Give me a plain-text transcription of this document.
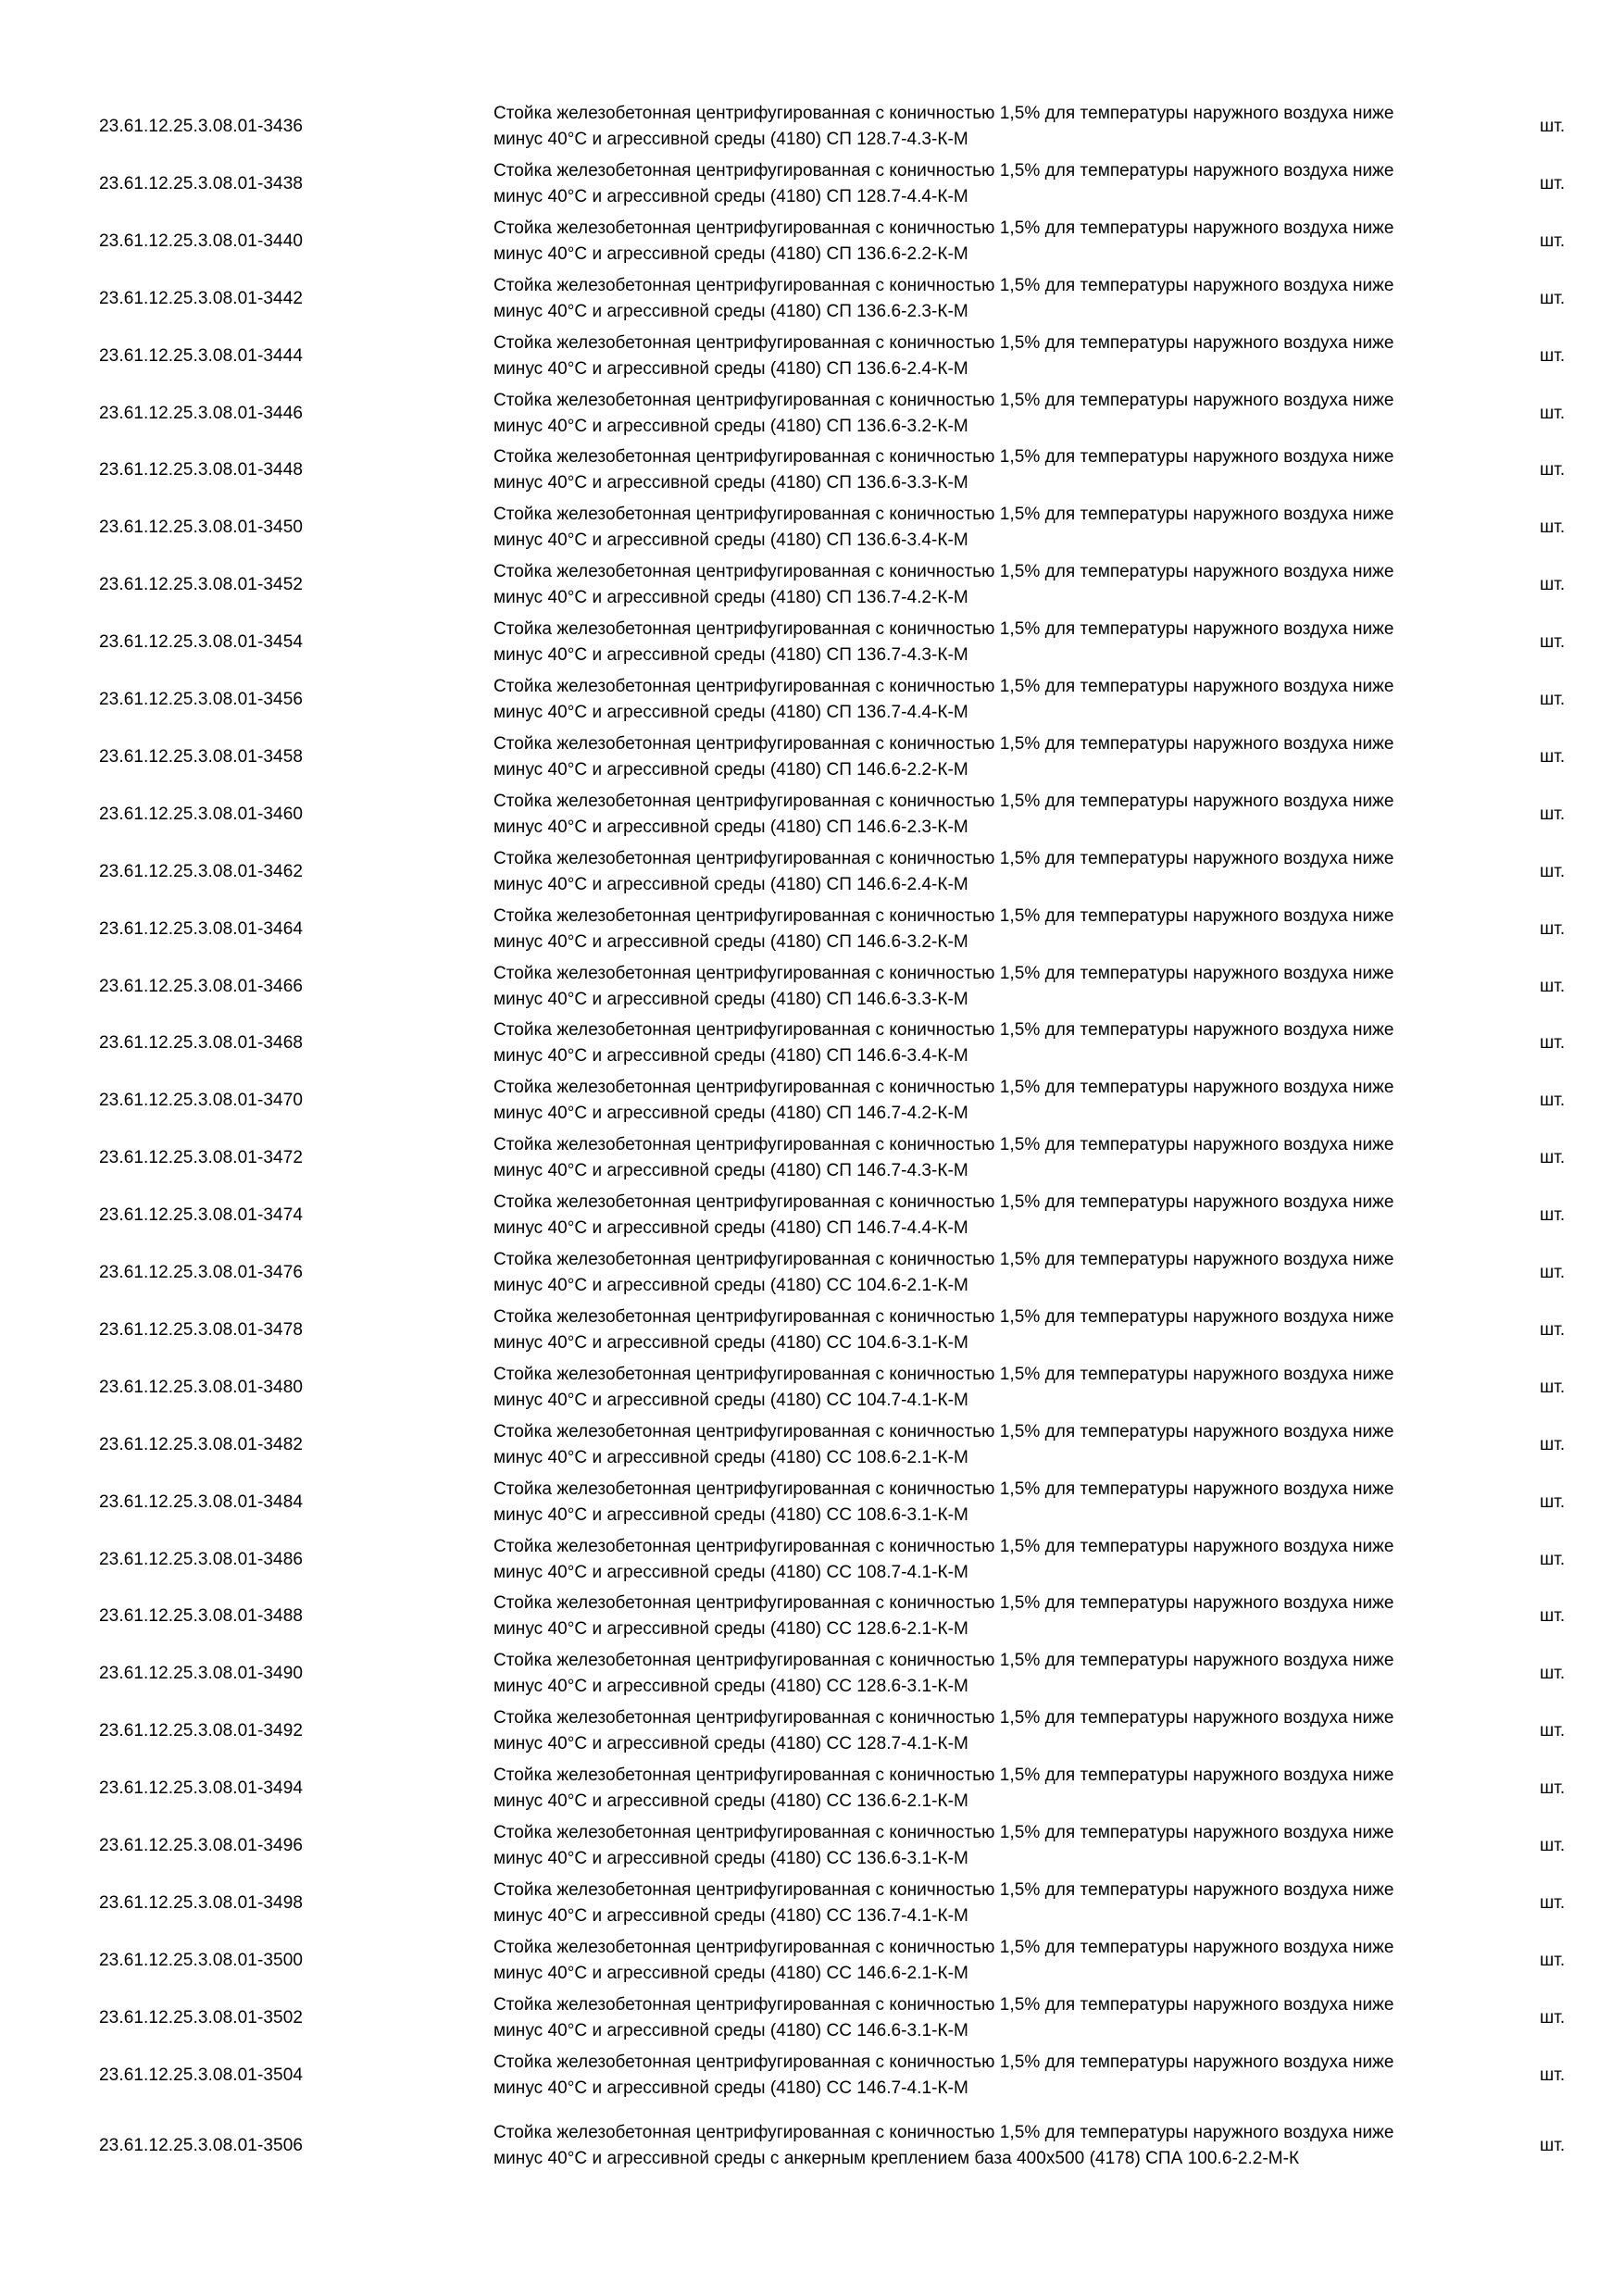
23.61.12.25.3.08.01-3436
Стойка железобетонная центрифугированная с коничностью 1,5% для температуры наружного воздуха ниже минус 40°С и агрессивной среды (4180) СП 128.7-4.3-К-М
шт.
23.61.12.25.3.08.01-3438
Стойка железобетонная центрифугированная с коничностью 1,5% для температуры наружного воздуха ниже минус 40°С и агрессивной среды (4180) СП 128.7-4.4-К-М
шт.
23.61.12.25.3.08.01-3440
Стойка железобетонная центрифугированная с коничностью 1,5% для температуры наружного воздуха ниже минус 40°С и агрессивной среды (4180) СП 136.6-2.2-К-М
шт.
23.61.12.25.3.08.01-3442
Стойка железобетонная центрифугированная с коничностью 1,5% для температуры наружного воздуха ниже минус 40°С и агрессивной среды (4180) СП 136.6-2.3-К-М
шт.
23.61.12.25.3.08.01-3444
Стойка железобетонная центрифугированная с коничностью 1,5% для температуры наружного воздуха ниже минус 40°С и агрессивной среды (4180) СП 136.6-2.4-К-М
шт.
23.61.12.25.3.08.01-3446
Стойка железобетонная центрифугированная с коничностью 1,5% для температуры наружного воздуха ниже минус 40°С и агрессивной среды (4180) СП 136.6-3.2-К-М
шт.
23.61.12.25.3.08.01-3448
Стойка железобетонная центрифугированная с коничностью 1,5% для температуры наружного воздуха ниже минус 40°С и агрессивной среды (4180) СП 136.6-3.3-К-М
шт.
23.61.12.25.3.08.01-3450
Стойка железобетонная центрифугированная с коничностью 1,5% для температуры наружного воздуха ниже минус 40°С и агрессивной среды (4180) СП 136.6-3.4-К-М
шт.
23.61.12.25.3.08.01-3452
Стойка железобетонная центрифугированная с коничностью 1,5% для температуры наружного воздуха ниже минус 40°С и агрессивной среды (4180) СП 136.7-4.2-К-М
шт.
23.61.12.25.3.08.01-3454
Стойка железобетонная центрифугированная с коничностью 1,5% для температуры наружного воздуха ниже минус 40°С и агрессивной среды (4180) СП 136.7-4.3-К-М
шт.
23.61.12.25.3.08.01-3456
Стойка железобетонная центрифугированная с коничностью 1,5% для температуры наружного воздуха ниже минус 40°С и агрессивной среды (4180) СП 136.7-4.4-К-М
шт.
23.61.12.25.3.08.01-3458
Стойка железобетонная центрифугированная с коничностью 1,5% для температуры наружного воздуха ниже минус 40°С и агрессивной среды (4180) СП 146.6-2.2-К-М
шт.
23.61.12.25.3.08.01-3460
Стойка железобетонная центрифугированная с коничностью 1,5% для температуры наружного воздуха ниже минус 40°С и агрессивной среды (4180) СП 146.6-2.3-К-М
шт.
23.61.12.25.3.08.01-3462
Стойка железобетонная центрифугированная с коничностью 1,5% для температуры наружного воздуха ниже минус 40°С и агрессивной среды (4180) СП 146.6-2.4-К-М
шт.
23.61.12.25.3.08.01-3464
Стойка железобетонная центрифугированная с коничностью 1,5% для температуры наружного воздуха ниже минус 40°С и агрессивной среды (4180) СП 146.6-3.2-К-М
шт.
23.61.12.25.3.08.01-3466
Стойка железобетонная центрифугированная с коничностью 1,5% для температуры наружного воздуха ниже минус 40°С и агрессивной среды (4180) СП 146.6-3.3-К-М
шт.
23.61.12.25.3.08.01-3468
Стойка железобетонная центрифугированная с коничностью 1,5% для температуры наружного воздуха ниже минус 40°С и агрессивной среды (4180) СП 146.6-3.4-К-М
шт.
23.61.12.25.3.08.01-3470
Стойка железобетонная центрифугированная с коничностью 1,5% для температуры наружного воздуха ниже минус 40°С и агрессивной среды (4180) СП 146.7-4.2-К-М
шт.
23.61.12.25.3.08.01-3472
Стойка железобетонная центрифугированная с коничностью 1,5% для температуры наружного воздуха ниже минус 40°С и агрессивной среды (4180) СП 146.7-4.3-К-М
шт.
23.61.12.25.3.08.01-3474
Стойка железобетонная центрифугированная с коничностью 1,5% для температуры наружного воздуха ниже минус 40°С и агрессивной среды (4180) СП 146.7-4.4-К-М
шт.
23.61.12.25.3.08.01-3476
Стойка железобетонная центрифугированная с коничностью 1,5% для температуры наружного воздуха ниже минус 40°С и агрессивной среды (4180) СС 104.6-2.1-К-М
шт.
23.61.12.25.3.08.01-3478
Стойка железобетонная центрифугированная с коничностью 1,5% для температуры наружного воздуха ниже минус 40°С и агрессивной среды (4180) СС 104.6-3.1-К-М
шт.
23.61.12.25.3.08.01-3480
Стойка железобетонная центрифугированная с коничностью 1,5% для температуры наружного воздуха ниже минус 40°С и агрессивной среды (4180) СС 104.7-4.1-К-М
шт.
23.61.12.25.3.08.01-3482
Стойка железобетонная центрифугированная с коничностью 1,5% для температуры наружного воздуха ниже минус 40°С и агрессивной среды (4180) СС 108.6-2.1-К-М
шт.
23.61.12.25.3.08.01-3484
Стойка железобетонная центрифугированная с коничностью 1,5% для температуры наружного воздуха ниже минус 40°С и агрессивной среды (4180) СС 108.6-3.1-К-М
шт.
23.61.12.25.3.08.01-3486
Стойка железобетонная центрифугированная с коничностью 1,5% для температуры наружного воздуха ниже минус 40°С и агрессивной среды (4180) СС 108.7-4.1-К-М
шт.
23.61.12.25.3.08.01-3488
Стойка железобетонная центрифугированная с коничностью 1,5% для температуры наружного воздуха ниже минус 40°С и агрессивной среды (4180) СС 128.6-2.1-К-М
шт.
23.61.12.25.3.08.01-3490
Стойка железобетонная центрифугированная с коничностью 1,5% для температуры наружного воздуха ниже минус 40°С и агрессивной среды (4180) СС 128.6-3.1-К-М
шт.
23.61.12.25.3.08.01-3492
Стойка железобетонная центрифугированная с коничностью 1,5% для температуры наружного воздуха ниже минус 40°С и агрессивной среды (4180) СС 128.7-4.1-К-М
шт.
23.61.12.25.3.08.01-3494
Стойка железобетонная центрифугированная с коничностью 1,5% для температуры наружного воздуха ниже минус 40°С и агрессивной среды (4180) СС 136.6-2.1-К-М
шт.
23.61.12.25.3.08.01-3496
Стойка железобетонная центрифугированная с коничностью 1,5% для температуры наружного воздуха ниже минус 40°С и агрессивной среды (4180) СС 136.6-3.1-К-М
шт.
23.61.12.25.3.08.01-3498
Стойка железобетонная центрифугированная с коничностью 1,5% для температуры наружного воздуха ниже минус 40°С и агрессивной среды (4180) СС 136.7-4.1-К-М
шт.
23.61.12.25.3.08.01-3500
Стойка железобетонная центрифугированная с коничностью 1,5% для температуры наружного воздуха ниже минус 40°С и агрессивной среды (4180) СС 146.6-2.1-К-М
шт.
23.61.12.25.3.08.01-3502
Стойка железобетонная центрифугированная с коничностью 1,5% для температуры наружного воздуха ниже минус 40°С и агрессивной среды (4180) СС 146.6-3.1-К-М
шт.
23.61.12.25.3.08.01-3504
Стойка железобетонная центрифугированная с коничностью 1,5% для температуры наружного воздуха ниже минус 40°С и агрессивной среды (4180) СС 146.7-4.1-К-М
шт.
23.61.12.25.3.08.01-3506
Стойка железобетонная центрифугированная с коничностью 1,5% для температуры наружного воздуха ниже минус 40°С и агрессивной среды с анкерным креплением база 400х500 (4178) СПА 100.6-2.2-М-К
шт.
